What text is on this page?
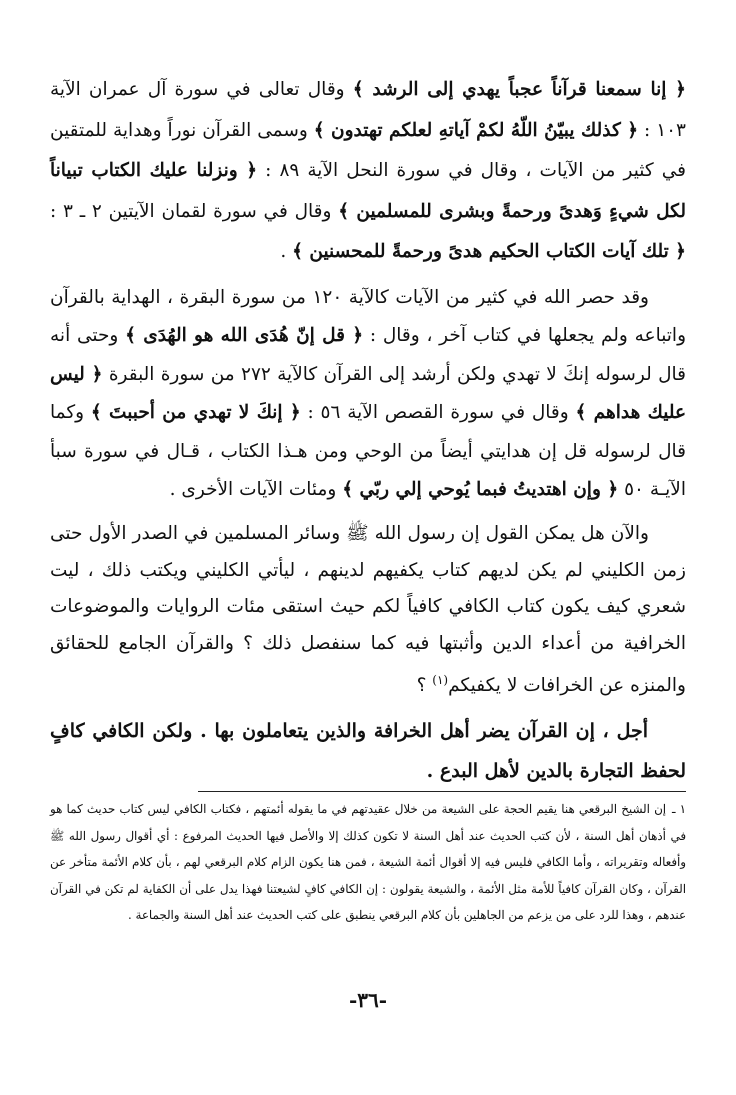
﴿ إنا سمعنا قرآناً عجباً يهدي إلى الرشد ﴾ وقال تعالى في سورة آل عمران الآية ١٠٣ : ﴿ كذلك يبيّنُ اللّهُ لكمْ آياتهِ لعلكم تهتدون ﴾ وسمى القرآن نوراً وهداية للمتقين في كثير من الآيات ، وقال في سورة النحل الآية ٨٩ : ﴿ ونزلنا عليك الكتاب تبياناً لكل شيءٍ وَهدىً ورحمةً وبشرى للمسلمين ﴾ وقال في سورة لقمان الآيتين ٢ ـ ٣ : ﴿ تلك آيات الكتاب الحكيم هدىً ورحمةً للمحسنين ﴾ .

  وقد حصر الله في كثير من الآيات كالآية ١٢٠ من سورة البقرة ، الهداية بالقرآن واتباعه ولم يجعلها في كتاب آخر ، وقال : ﴿ قل إنّ هُدَى الله هو الهُدَى ﴾ وحتى أنه قال لرسوله إنكَ لا تهدي ولكن أرشد إلى القرآن كالآية ٢٧٢ من سورة البقرة ﴿ ليس عليك هداهم ﴾ وقال في سورة القصص الآية ٥٦ : ﴿ إنكَ لا تهدي من أحببتَ ﴾ وكما قال لرسوله قل إن هدايتي أيضاً من الوحي ومن هـذا الكتاب ، قـال في سورة سبأ الآيـة ٥٠ ﴿ وإن اهتديتُ فبما يُوحي إلي ربّي ﴾ ومئات الآيات الأخرى .

  والآن هل يمكن القول إن رسول الله ﷺ وسائر المسلمين في الصدر الأول حتى زمن الكليني لم يكن لديهم كتاب يكفيهم لدينهم ، ليأتي الكليني ويكتب ذلك ، ليت شعري كيف يكون كتاب الكافي كافياً لكم حيث استقى مئات الروايات والموضوعات الخرافية من أعداء الدين وأثبتها فيه كما سنفصل ذلك ؟ والقرآن الجامع للحقائق والمنزه عن الخرافات لا يكفيكم$^{(١)}$ ؟

  أجل ، إن القرآن يضر أهل الخرافة والذين يتعاملون بها . ولكن الكافي كافٍ لحفظ التجارة بالدين لأهل البدع .

١ ـ إن الشيخ البرقعي هنا يقيم الحجة على الشيعة من خلال عقيدتهم في ما يقوله أئمتهم ، فكتاب الكافي ليس كتاب حديث كما هو في أذهان أهل السنة ، لأن كتب الحديث عند أهل السنة لا تكون كذلك إلا والأصل فيها الحديث المرفوع : أي أقوال رسول الله ﷺ وأفعاله وتقريراته ، وأما الكافي فليس فيه إلا أقوال أئمة الشيعة ، فمن هنا يكون الزام كلام البرقعي لهم ، بأن كلام الأئمة متأخر عن القرآن ، وكان القرآن كافياً للأمة مثل الأئمة ، والشيعة يقولون : إن الكافي كافٍ لشيعتنا فهذا يدل على أن الكفاية لم تكن في القرآن عندهم ، وهذا للرد على من يزعم من الجاهلين بأن كلام البرقعي ينطبق على كتب الحديث عند أهل السنة والجماعة .

-٣٦-
